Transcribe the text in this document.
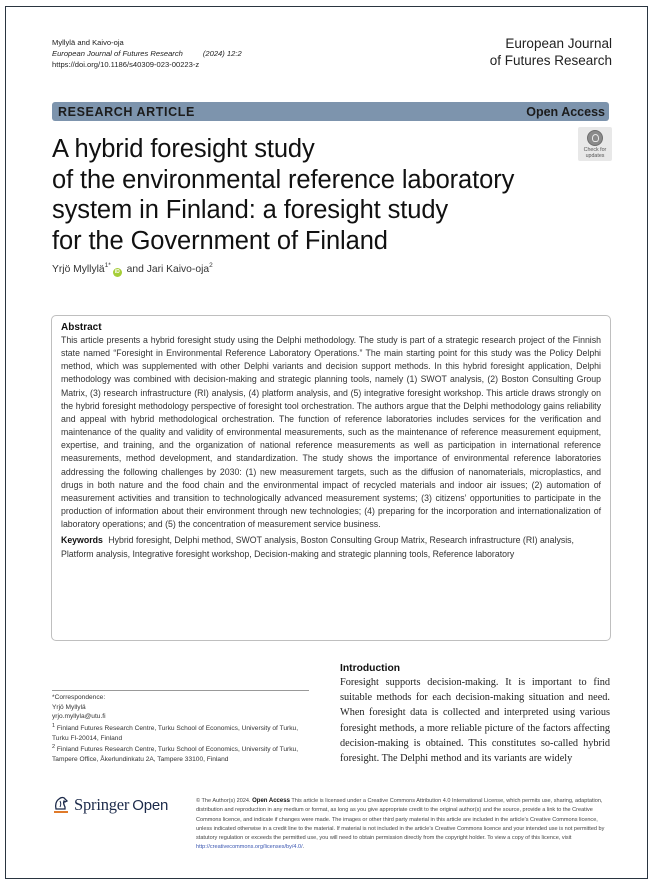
Myllylä and Kaivo-oja
European Journal of Futures Research	(2024) 12:2
https://doi.org/10.1186/s40309-023-00223-z
European Journal
of Futures Research
RESEARCH ARTICLE	Open Access
Check for
updates
A hybrid foresight study
of the environmental reference laboratory
system in Finland: a foresight study
for the Government of Finland
Yrjö Myllylä$^{1*}$iD and Jari Kaivo-oja$^2$
Abstract
This article presents a hybrid foresight study using the Delphi methodology. The study is part of a strategic research project of the Finnish state named “Foresight in Environmental Reference Laboratory Operations.” The main starting point for this study was the Policy Delphi method, which was supplemented with other Delphi variants and decision support methods. In this hybrid foresight application, Delphi methodology was combined with decision-making and strategic planning tools, namely (1) SWOT analysis, (2) Boston Consulting Group Matrix, (3) research infrastructure (RI) analysis, (4) platform analysis, and (5) integrative foresight workshop. This article draws strongly on the hybrid foresight methodology perspective of foresight tool orchestration. The authors argue that the Delphi methodology gains reliability and appeal with hybrid methodological orchestration. The function of reference laboratories includes services for the verification and maintenance of the quality and validity of environmental measurements, such as the maintenance of reference measurement equipment, expertise, and training, and the organization of national reference measurements as well as participation in international reference measurements, method development, and standardization. The study shows the importance of environmental reference laboratories addressing the following challenges by 2030: (1) new measurement targets, such as the diffusion of nanomaterials, microplastics, and drugs in both nature and the food chain and the environmental impact of recycled materials and indoor air issues; (2) automation of measurement activities and transition to technologically advanced measurement systems; (3) citizens’ opportunities to participate in the production of information about their environment through new technologies; (4) preparing for the incorporation and internationalization of laboratory operations; and (5) the concentration of measurement service business.
Keywords Hybrid foresight, Delphi method, SWOT analysis, Boston Consulting Group Matrix, Research infrastructure (RI) analysis, Platform analysis, Integrative foresight workshop, Decision-making and strategic planning tools, Reference laboratory
*Correspondence:
Yrjö Myllylä
yrjo.myllyla@utu.fi
$^1$ Finland Futures Research Centre, Turku School of Economics, University of Turku, Turku FI-20014, Finland
$^2$ Finland Futures Research Centre, Turku School of Economics, University of Turku, Tampere Office, Åkerlundinkatu 2A, Tampere 33100, Finland
Introduction
Foresight supports decision-making. It is important to find suitable methods for each decision-making situation and need. When foresight data is collected and interpreted using various foresight methods, a more reliable picture of the factors affecting decision-making is obtained. This constitutes so-called hybrid foresight. The Delphi method and its variants are widely
Springer Open	© The Author(s) 2024. Open Access This article is licensed under a Creative Commons Attribution 4.0 International License, which permits use, sharing, adaptation, distribution and reproduction in any medium or format, as long as you give appropriate credit to the original author(s) and the source, provide a link to the Creative Commons licence, and indicate if changes were made. The images or other third party material in this article are included in the article’s Creative Commons licence, unless indicated otherwise in a credit line to the material. If material is not included in the article’s Creative Commons licence and your intended use is not permitted by statutory regulation or exceeds the permitted use, you will need to obtain permission directly from the copyright holder. To view a copy of this licence, visit http://creativecommons.org/licenses/by/4.0/.
